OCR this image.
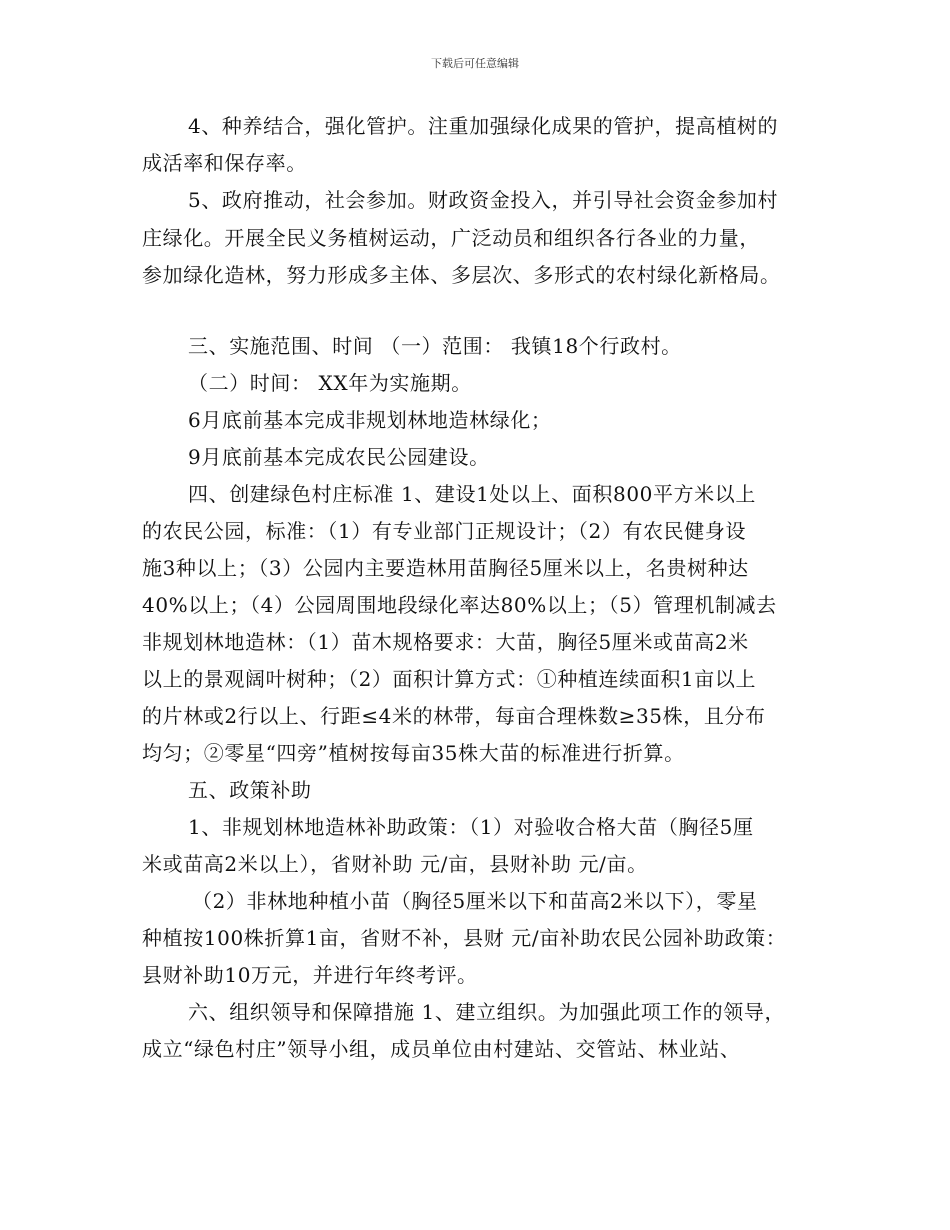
下载后可任意编辑
4、种养结合，强化管护。注重加强绿化成果的管护，提高植树的
成活率和保存率。
5、政府推动，社会参加。财政资金投入，并引导社会资金参加村
庄绿化。开展全民义务植树运动，广泛动员和组织各行各业的力量，
参加绿化造林，努力形成多主体、多层次、多形式的农村绿化新格局。
三、实施范围、时间 （一）范围： 我镇18个行政村。
（二）时间： XX年为实施期。
6月底前基本完成非规划林地造林绿化；
9月底前基本完成农民公园建设。
四、创建绿色村庄标准 1、建设1处以上、面积800平方米以上
的农民公园，标准：（1）有专业部门正规设计；（2）有农民健身设
施3种以上；（3）公园内主要造林用苗胸径5厘米以上，名贵树种达
40%以上；（4）公园周围地段绿化率达80%以上；（5）管理机制减去
非规划林地造林：（1）苗木规格要求：大苗，胸径5厘米或苗高2米
以上的景观阔叶树种；（2）面积计算方式：①种植连续面积1亩以上
的片林或2行以上、行距≤4米的林带，每亩合理株数≥35株，且分布
均匀；②零星“四旁”植树按每亩35株大苗的标准进行折算。
五、政策补助
1、非规划林地造林补助政策：（1）对验收合格大苗（胸径5厘
米或苗高2米以上），省财补助 元/亩，县财补助 元/亩。
（2）非林地种植小苗（胸径5厘米以下和苗高2米以下），零星
种植按100株折算1亩，省财不补，县财 元/亩补助农民公园补助政策：
县财补助10万元，并进行年终考评。
六、组织领导和保障措施 1、建立组织。为加强此项工作的领导，
成立“绿色村庄”领导小组，成员单位由村建站、交管站、林业站、
